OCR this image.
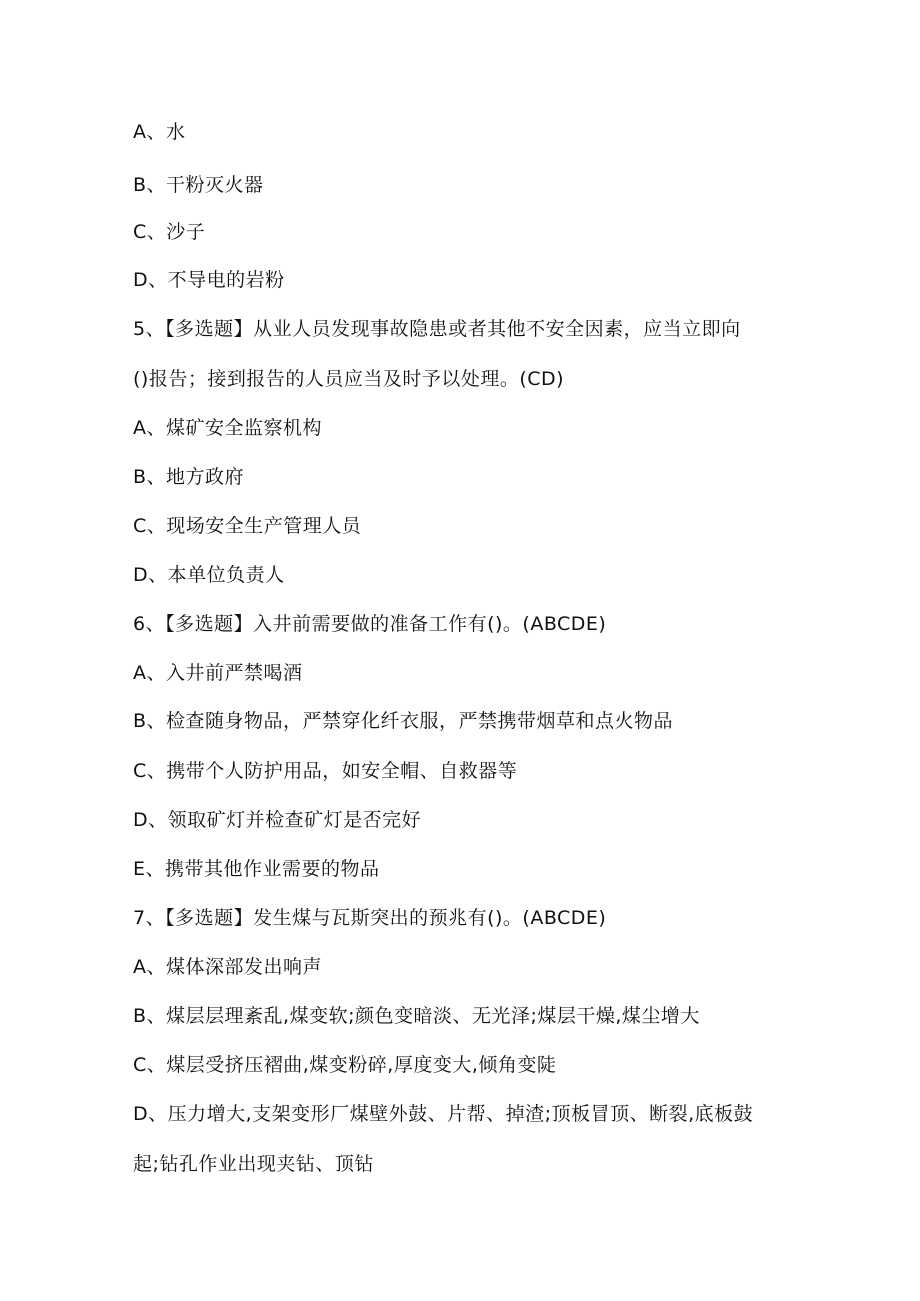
A、水
B、干粉灭火器
C、沙子
D、不导电的岩粉
5、【多选题】从业人员发现事故隐患或者其他不安全因素，应当立即向
()报告；接到报告的人员应当及时予以处理。(CD)
A、煤矿安全监察机构
B、地方政府
C、现场安全生产管理人员
D、本单位负责人
6、【多选题】入井前需要做的准备工作有()。(ABCDE)
A、入井前严禁喝酒
B、检查随身物品，严禁穿化纤衣服，严禁携带烟草和点火物品
C、携带个人防护用品，如安全帽、自救器等
D、领取矿灯并检查矿灯是否完好
E、携带其他作业需要的物品
7、【多选题】发生煤与瓦斯突出的预兆有()。(ABCDE)
A、煤体深部发出响声
B、煤层层理紊乱,煤变软;颜色变暗淡、无光泽;煤层干燥,煤尘增大
C、煤层受挤压褶曲,煤变粉碎,厚度变大,倾角变陡
D、压力增大,支架变形厂煤壁外鼓、片帮、掉渣;顶板冒顶、断裂,底板鼓
起;钻孔作业出现夹钻、顶钻
